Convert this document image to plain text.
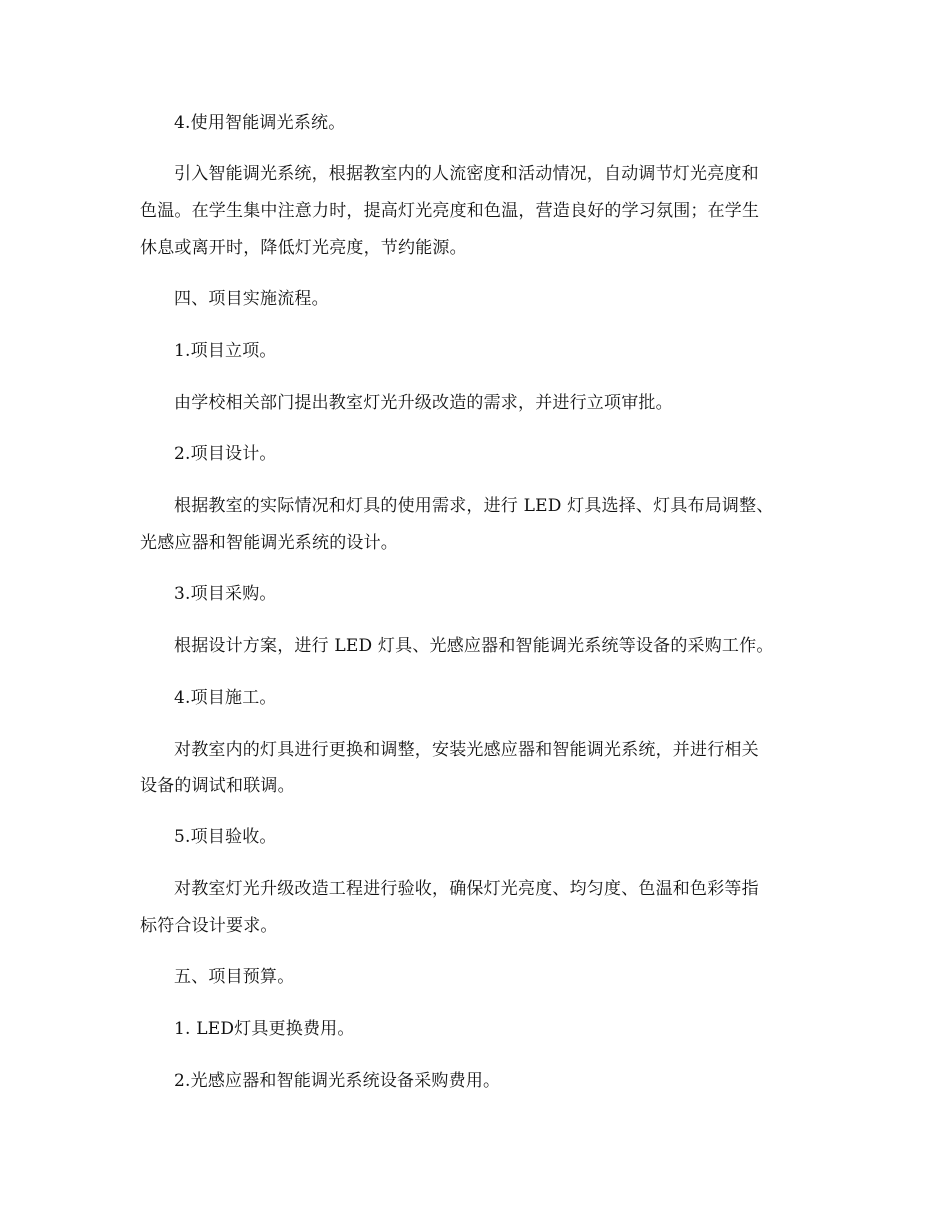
4.使用智能调光系统。
引入智能调光系统，根据教室内的人流密度和活动情况，自动调节灯光亮度和
色温。在学生集中注意力时，提高灯光亮度和色温，营造良好的学习氛围；在学生
休息或离开时，降低灯光亮度，节约能源。
四、项目实施流程。
1.项目立项。
由学校相关部门提出教室灯光升级改造的需求，并进行立项审批。
2.项目设计。
根据教室的实际情况和灯具的使用需求，进行 LED 灯具选择、灯具布局调整、
光感应器和智能调光系统的设计。
3.项目采购。
根据设计方案，进行 LED 灯具、光感应器和智能调光系统等设备的采购工作。
4.项目施工。
对教室内的灯具进行更换和调整，安装光感应器和智能调光系统，并进行相关
设备的调试和联调。
5.项目验收。
对教室灯光升级改造工程进行验收，确保灯光亮度、均匀度、色温和色彩等指
标符合设计要求。
五、项目预算。
1. LED灯具更换费用。
2.光感应器和智能调光系统设备采购费用。
